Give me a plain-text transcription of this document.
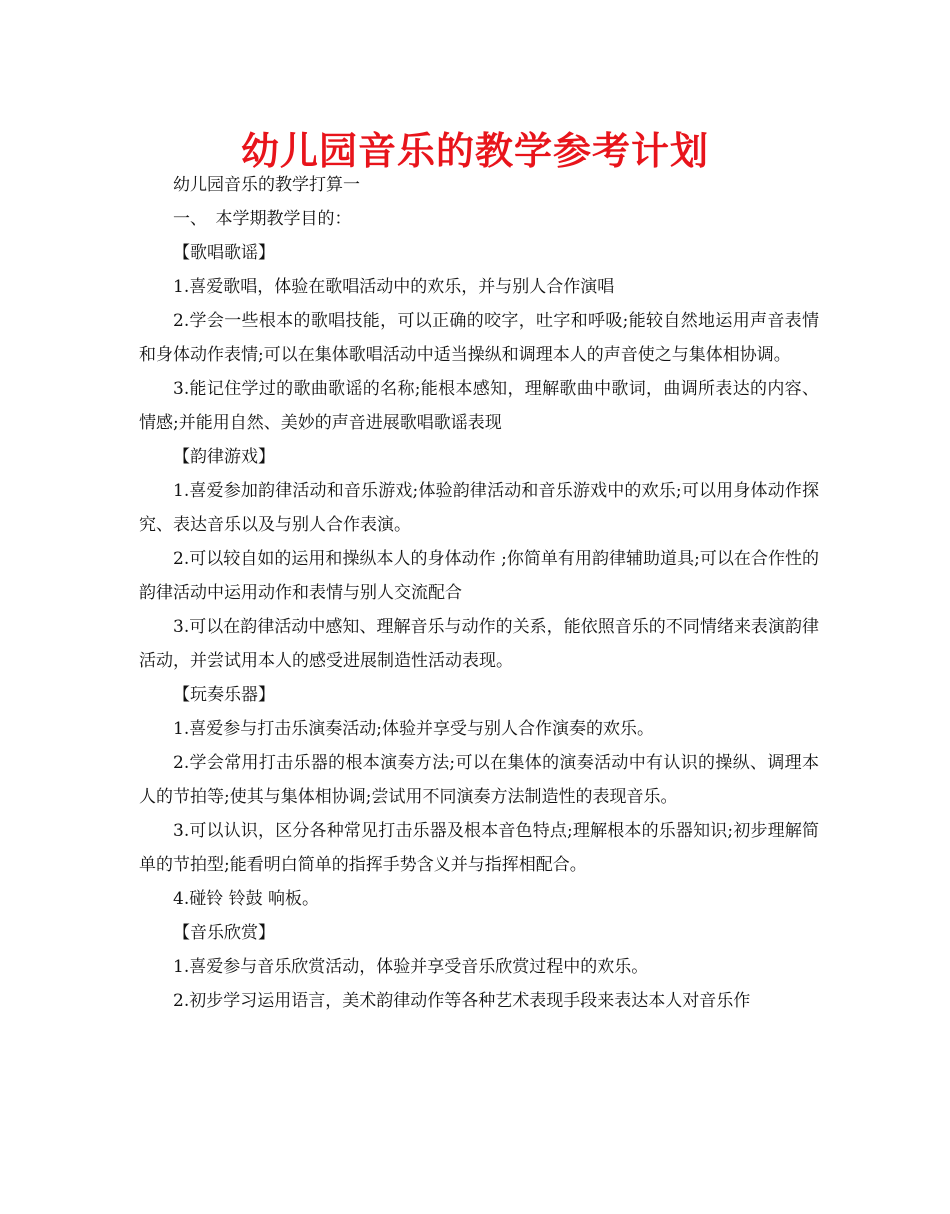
幼儿园音乐的教学参考计划

幼儿园音乐的教学打算一

一、　本学期教学目的：

【歌唱歌谣】

1.喜爱歌唱，体验在歌唱活动中的欢乐，并与别人合作演唱

2.学会一些根本的歌唱技能，可以正确的咬字，吐字和呼吸;能较自然地运用声音表情和身体动作表情;可以在集体歌唱活动中适当操纵和调理本人的声音使之与集体相协调。

3.能记住学过的歌曲歌谣的名称;能根本感知，理解歌曲中歌词，曲调所表达的内容、情感;并能用自然、美妙的声音进展歌唱歌谣表现

【韵律游戏】

1.喜爱参加韵律活动和音乐游戏;体验韵律活动和音乐游戏中的欢乐;可以用身体动作探究、表达音乐以及与别人合作表演。

2.可以较自如的运用和操纵本人的身体动作 ;你简单有用韵律辅助道具;可以在合作性的韵律活动中运用动作和表情与别人交流配合

3.可以在韵律活动中感知、理解音乐与动作的关系，能依照音乐的不同情绪来表演韵律活动，并尝试用本人的感受进展制造性活动表现。

【玩奏乐器】

1.喜爱参与打击乐演奏活动;体验并享受与别人合作演奏的欢乐。

2.学会常用打击乐器的根本演奏方法;可以在集体的演奏活动中有认识的操纵、调理本人的节拍等;使其与集体相协调;尝试用不同演奏方法制造性的表现音乐。

3.可以认识，区分各种常见打击乐器及根本音色特点;理解根本的乐器知识;初步理解简单的节拍型;能看明白简单的指挥手势含义并与指挥相配合。

4.碰铃 铃鼓 响板。

【音乐欣赏】

1.喜爱参与音乐欣赏活动，体验并享受音乐欣赏过程中的欢乐。

2.初步学习运用语言，美术韵律动作等各种艺术表现手段来表达本人对音乐作
